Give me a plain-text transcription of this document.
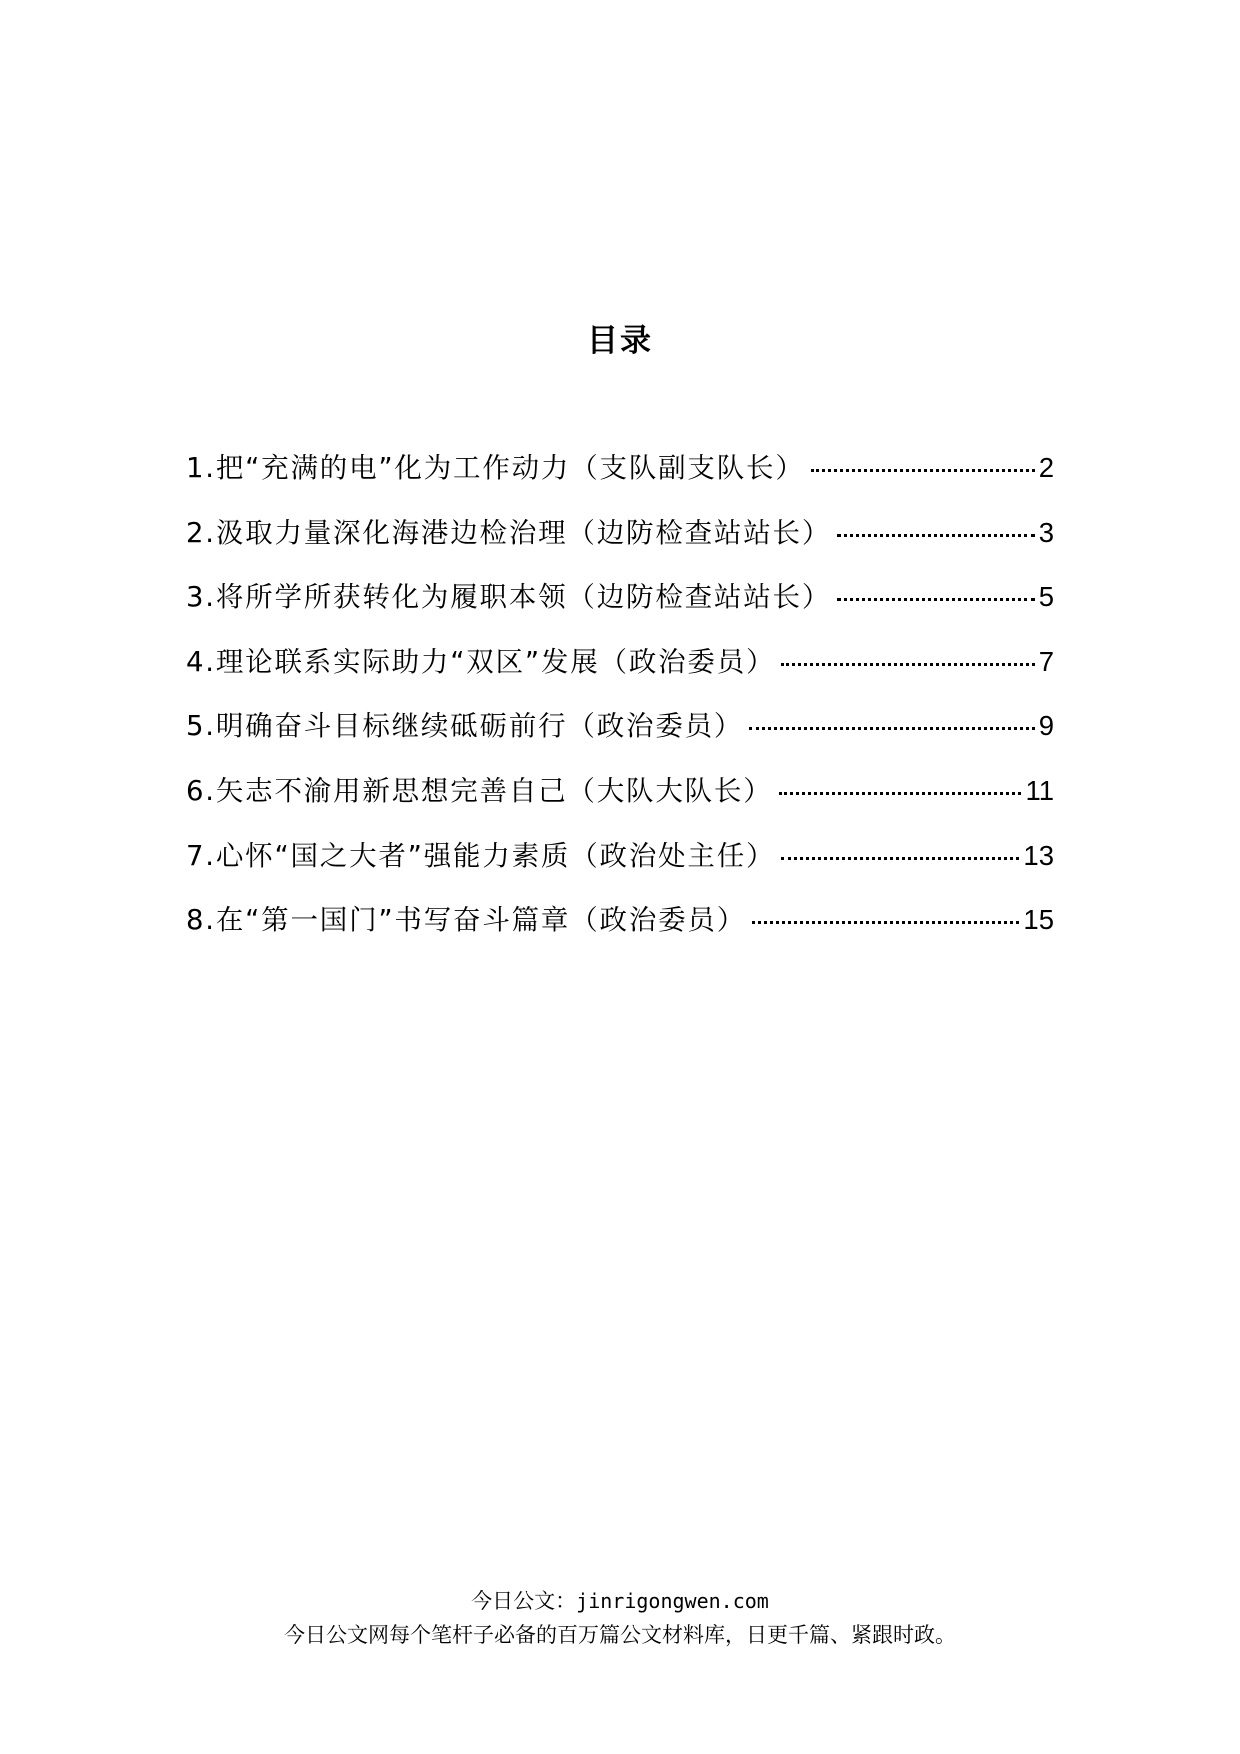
目录
1.把“充满的电”化为工作动力（支队副支队长）	2
2.汲取力量深化海港边检治理（边防检查站站长）	3
3.将所学所获转化为履职本领（边防检查站站长）	5
4.理论联系实际助力“双区”发展（政治委员）	7
5.明确奋斗目标继续砥砺前行（政治委员）	9
6.矢志不渝用新思想完善自己（大队大队长）	11
7.心怀“国之大者”强能力素质（政治处主任）	13
8.在“第一国门”书写奋斗篇章（政治委员）	15
今日公文：jinrigongwen.com
今日公文网每个笔杆子必备的百万篇公文材料库，日更千篇、紧跟时政。
